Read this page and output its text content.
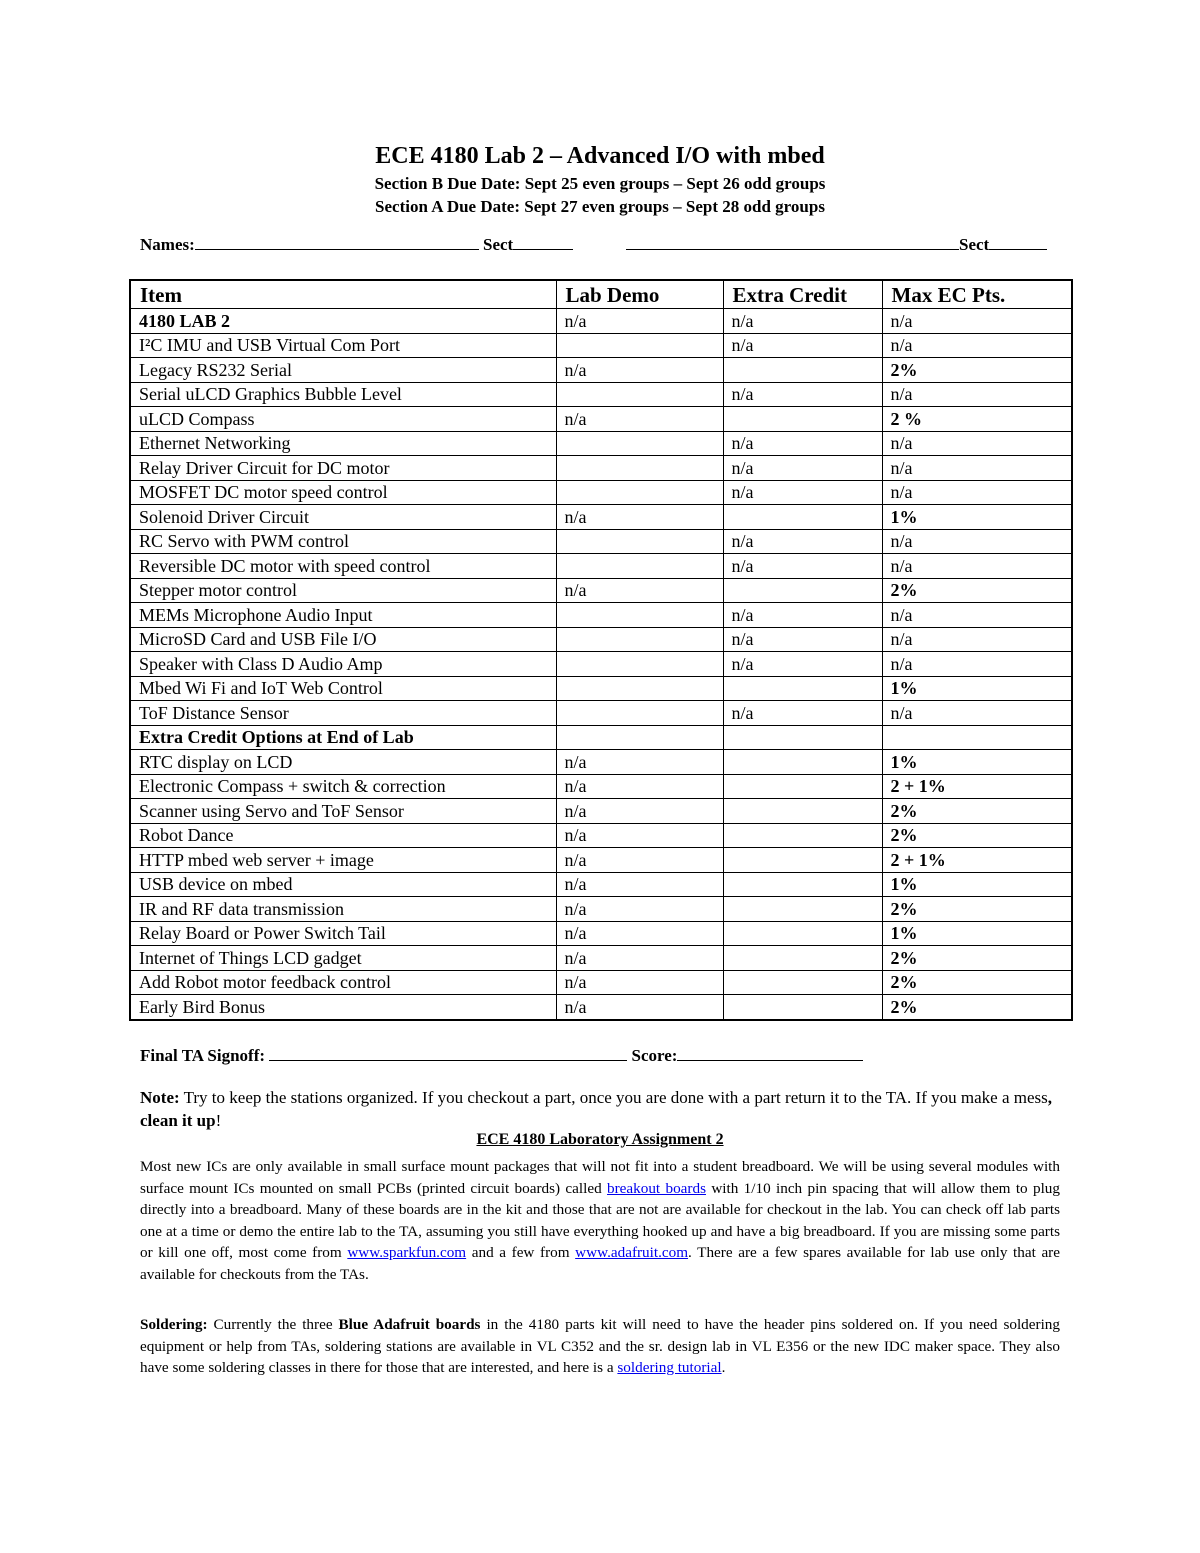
ECE 4180 Lab 2 – Advanced I/O with mbed
Section B Due Date: Sept 25 even groups – Sept 26 odd groups
Section A Due Date: Sept 27 even groups – Sept 28 odd groups
Names:	Sect	Sect
Item	Lab Demo	Extra Credit	Max EC Pts.
4180 LAB 2	n/a	n/a	n/a
I²C IMU and USB Virtual Com Port		n/a	n/a
Legacy RS232 Serial	n/a		2%
Serial uLCD Graphics Bubble Level		n/a	n/a
uLCD Compass	n/a		2 %
Ethernet Networking		n/a	n/a
Relay Driver Circuit for DC motor		n/a	n/a
MOSFET DC motor speed control		n/a	n/a
Solenoid Driver Circuit	n/a		1%
RC Servo with PWM control		n/a	n/a
Reversible DC motor with speed control		n/a	n/a
Stepper motor control	n/a		2%
MEMs Microphone Audio Input		n/a	n/a
MicroSD Card and USB File I/O		n/a	n/a
Speaker with Class D Audio Amp		n/a	n/a
Mbed Wi Fi and IoT Web Control			1%
ToF Distance Sensor		n/a	n/a
Extra Credit Options at End of Lab			
RTC display on LCD	n/a		1%
Electronic Compass + switch & correction	n/a		2 + 1%
Scanner using Servo and ToF Sensor	n/a		2%
Robot Dance	n/a		2%
HTTP mbed web server + image	n/a		2 + 1%
USB device on mbed	n/a		1%
IR and RF data transmission	n/a		2%
Relay Board or Power Switch Tail	n/a		1%
Internet of Things LCD gadget	n/a		2%
Add Robot motor feedback control	n/a		2%
Early Bird Bonus	n/a		2%
Final TA Signoff:	Score:
Note: Try to keep the stations organized. If you checkout a part, once you are done with a part return it to the TA. If you make a mess, clean it up!
ECE 4180 Laboratory Assignment 2
Most new ICs are only available in small surface mount packages that will not fit into a student breadboard. We will be using several modules with surface mount ICs mounted on small PCBs (printed circuit boards) called breakout boards with 1/10 inch pin spacing that will allow them to plug directly into a breadboard. Many of these boards are in the kit and those that are not are available for checkout in the lab. You can check off lab parts one at a time or demo the entire lab to the TA, assuming you still have everything hooked up and have a big breadboard. If you are missing some parts or kill one off, most come from www.sparkfun.com and a few from www.adafruit.com. There are a few spares available for lab use only that are available for checkouts from the TAs.
Soldering: Currently the three Blue Adafruit boards in the 4180 parts kit will need to have the header pins soldered on. If you need soldering equipment or help from TAs, soldering stations are available in VL C352 and the sr. design lab in VL E356 or the new IDC maker space. They also have some soldering classes in there for those that are interested, and here is a soldering tutorial.
